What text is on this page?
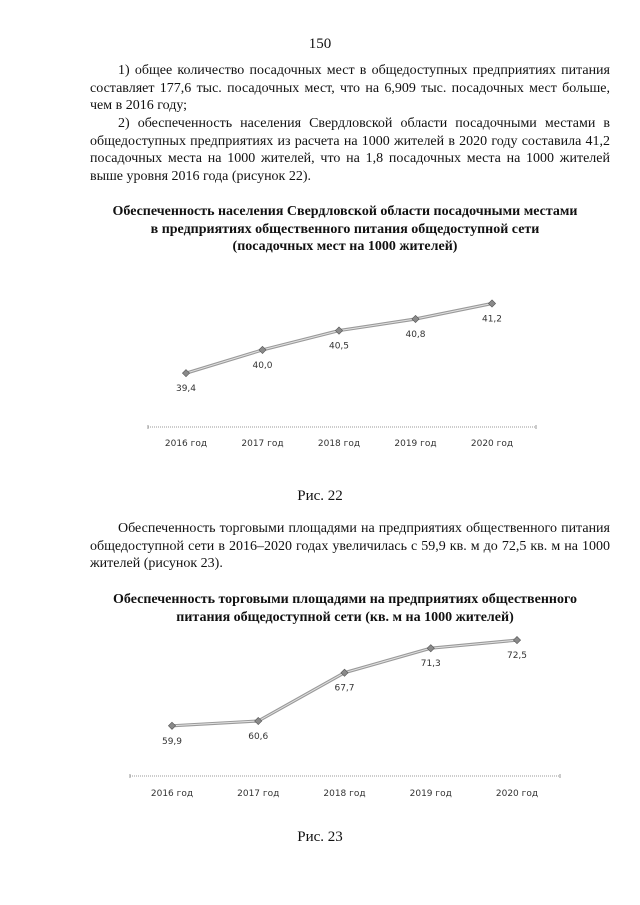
150
1) общее количество посадочных мест в общедоступных предприятиях питания составляет 177,6 тыс. посадочных мест, что на 6,909 тыс. посадочных мест больше, чем в 2016 году;
2) обеспеченность населения Свердловской области посадочными местами в общедоступных предприятиях из расчета на 1000 жителей в 2020 году составила 41,2 посадочных места на 1000 жителей, что на 1,8 посадочных места на 1000 жителей выше уровня 2016 года (рисунок 22).
Обеспеченность населения Свердловской области посадочными местами
в предприятиях общественного питания общедоступной сети
(посадочных мест на 1000 жителей)
39,4
2016 год
40,0
2017 год
40,5
2018 год
40,8
2019 год
41,2
2020 год
Рис. 22
Обеспеченность торговыми площадями на предприятиях общественного питания общедоступной сети в 2016–2020 годах увеличилась с 59,9 кв. м до 72,5 кв. м на 1000 жителей (рисунок 23).
Обеспеченность торговыми площадями на предприятиях общественного
питания общедоступной сети (кв. м на 1000 жителей)
59,9
2016 год
60,6
2017 год
67,7
2018 год
71,3
2019 год
72,5
2020 год
Рис. 23
